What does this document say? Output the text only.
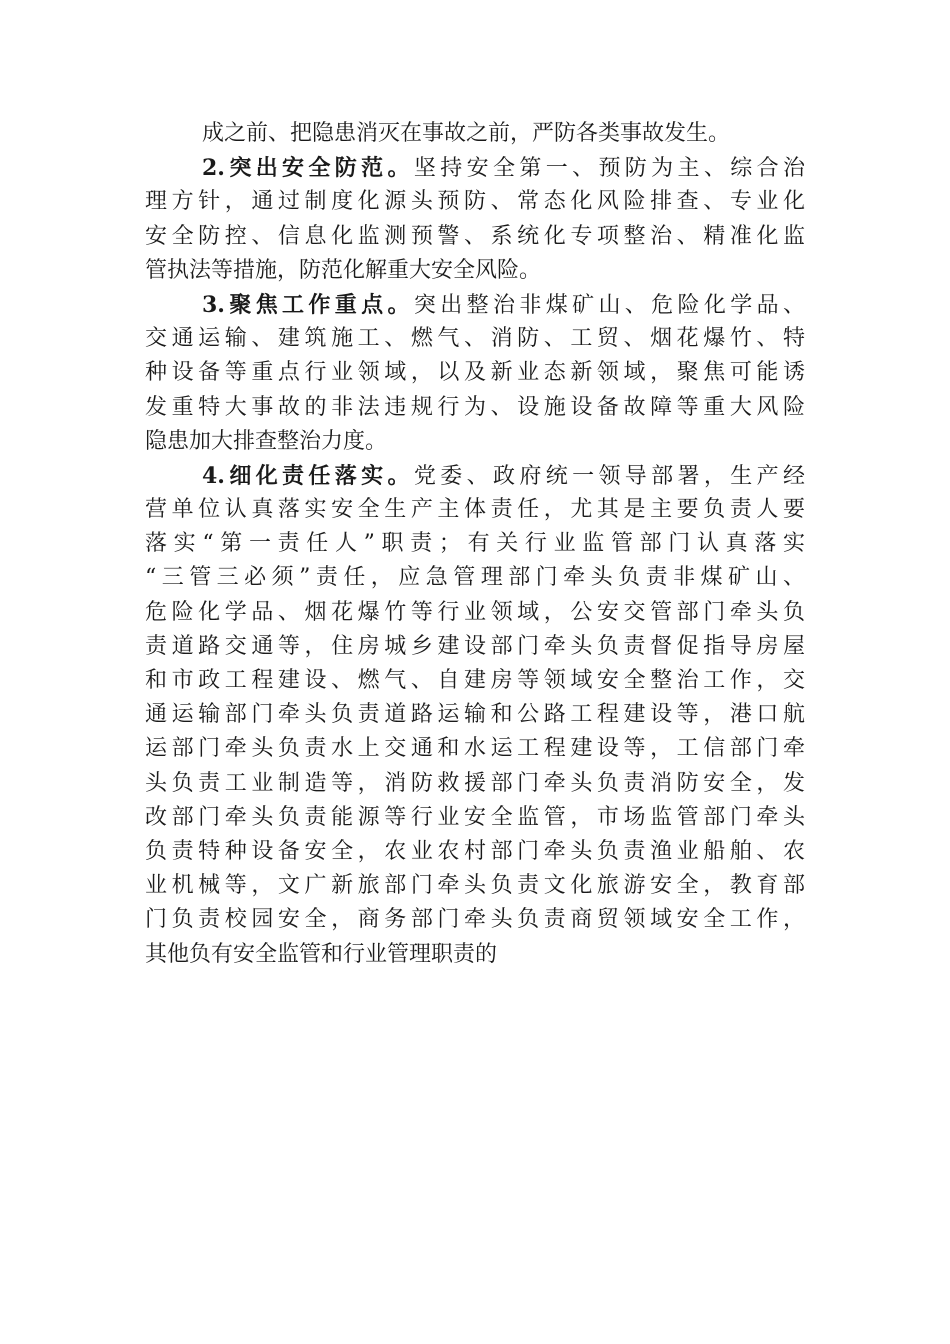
成之前、把隐患消灭在事故之前，严防各类事故发生。
2.突出安全防范。坚持安全第一、预防为主、综合治
理方针，通过制度化源头预防、常态化风险排查、专业化
安全防控、信息化监测预警、系统化专项整治、精准化监
管执法等措施，防范化解重大安全风险。
3.聚焦工作重点。突出整治非煤矿山、危险化学品、
交通运输、建筑施工、燃气、消防、工贸、烟花爆竹、特
种设备等重点行业领域，以及新业态新领域，聚焦可能诱
发重特大事故的非法违规行为、设施设备故障等重大风险
隐患加大排查整治力度。
4.细化责任落实。党委、政府统一领导部署，生产经
营单位认真落实安全生产主体责任，尤其是主要负责人要
落实“第一责任人”职责；有关行业监管部门认真落实
“三管三必须”责任，应急管理部门牵头负责非煤矿山、
危险化学品、烟花爆竹等行业领域，公安交管部门牵头负
责道路交通等，住房城乡建设部门牵头负责督促指导房屋
和市政工程建设、燃气、自建房等领域安全整治工作，交
通运输部门牵头负责道路运输和公路工程建设等，港口航
运部门牵头负责水上交通和水运工程建设等，工信部门牵
头负责工业制造等，消防救援部门牵头负责消防安全，发
改部门牵头负责能源等行业安全监管，市场监管部门牵头
负责特种设备安全，农业农村部门牵头负责渔业船舶、农
业机械等，文广新旅部门牵头负责文化旅游安全，教育部
门负责校园安全，商务部门牵头负责商贸领域安全工作，
其他负有安全监管和行业管理职责的
